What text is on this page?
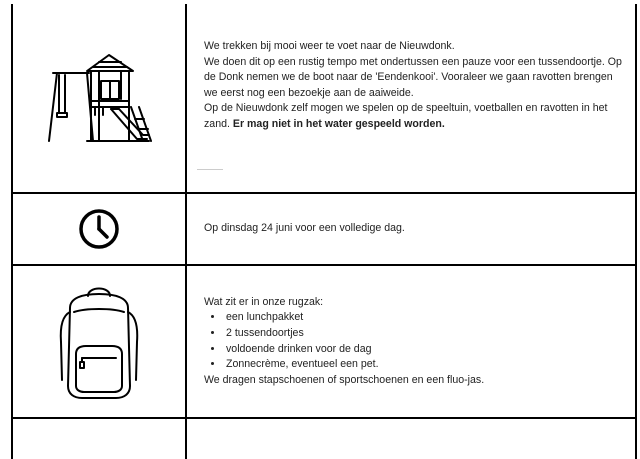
We trekken bij mooi weer te voet naar de Nieuwdonk.
We doen dit op een rustig tempo met ondertussen een pauze voor een tussendoortje. Op de Donk nemen we de boot naar de 'Eendenkooi'. Vooraleer we gaan ravotten brengen we eerst nog een bezoekje aan de aaiweide.
Op de Nieuwdonk zelf mogen we spelen op de speeltuin, voetballen en ravotten in het zand. Er mag niet in het water gespeeld worden.
Op dinsdag 24 juni voor een volledige dag.
Wat zit er in onze rugzak:
• een lunchpakket
• 2 tussendoortjes
• voldoende drinken voor de dag
• Zonnecrème, eventueel een pet.
We dragen stapschoenen of sportschoenen en een fluo-jas.
